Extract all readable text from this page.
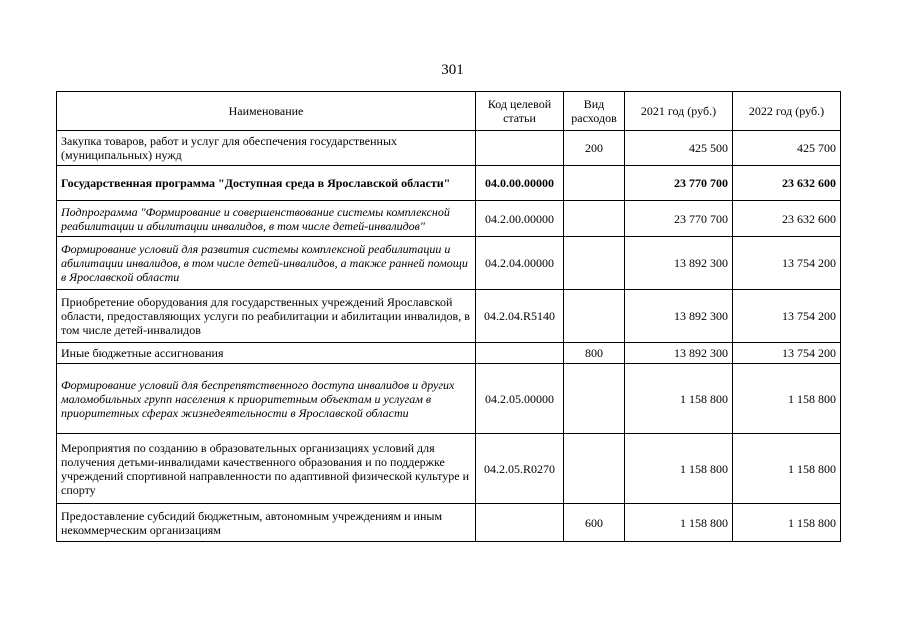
301
Наименование	Код целевой статьи	Вид расходов	2021 год (руб.)	2022 год (руб.)
Закупка товаров, работ и услуг для обеспечения государственных (муниципальных) нужд		200	425 500	425 700
Государственная программа "Доступная среда в Ярославской области"	04.0.00.00000		23 770 700	23 632 600
Подпрограмма "Формирование и совершенствование системы комплексной реабилитации и абилитации инвалидов, в том числе детей-инвалидов"	04.2.00.00000		23 770 700	23 632 600
Формирование условий для развития системы комплексной реабилитации и абилитации инвалидов, в том числе детей-инвалидов, а также ранней помощи в Ярославской области	04.2.04.00000		13 892 300	13 754 200
Приобретение оборудования для государственных учреждений Ярославской области, предоставляющих услуги по реабилитации и абилитации инвалидов, в том числе детей-инвалидов	04.2.04.R5140		13 892 300	13 754 200
Иные бюджетные ассигнования		800	13 892 300	13 754 200
Формирование условий для беспрепятственного доступа инвалидов и других маломобильных групп населения к приоритетным объектам и услугам в приоритетных сферах жизнедеятельности в Ярославской области	04.2.05.00000		1 158 800	1 158 800
Мероприятия по созданию в образовательных организациях условий для получения детьми-инвалидами качественного образования и по поддержке учреждений спортивной направленности по адаптивной физической культуре и спорту	04.2.05.R0270		1 158 800	1 158 800
Предоставление субсидий бюджетным, автономным учреждениям и иным некоммерческим организациям		600	1 158 800	1 158 800
